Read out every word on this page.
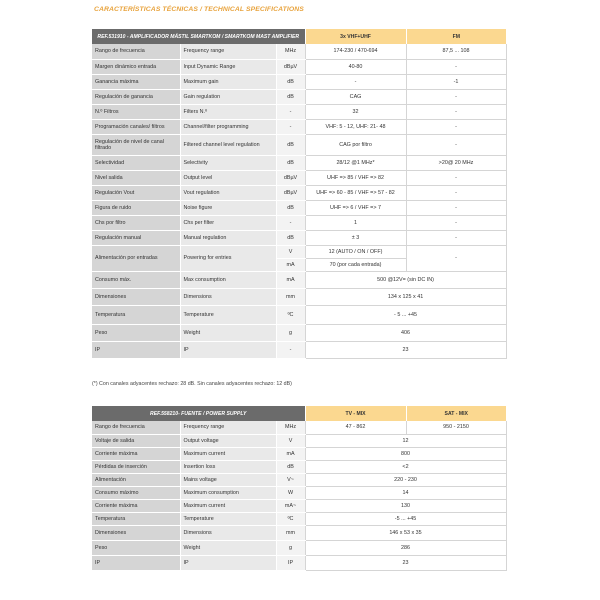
CARACTERÍSTICAS TÉCNICAS / TECHNICAL SPECIFICATIONS
REF.531910 - AMPLIFICADOR MÁSTIL SMARTKOM / SMARTKOM MAST AMPLIFIER			3x VHF+UHF	FM
Rango de frecuencia	Frequency range	MHz	174-230 / 470-694	87,5 ... 108
Margen dinámico entrada	Input Dynamic Range	dBµV	40-80	-
Ganancia máxima	Maximum gain	dB	-	-1
Regulación de ganancia	Gain regulation	dB	CAG	-
N.º Filtros	Filters N.º	-	32	-
Programación canales/ filtros	Channel/filter programming	-	VHF: 5 - 12, UHF: 21- 48	-
Regulación de nivel de canal filtrado	Filtered channel level regulation	dB	CAG por filtro	-
Selectividad	Selectivity	dB	28/12 @1 MHz*	>20@ 20 MHz
Nivel salida	Output level	dBµV	UHF => 85 / VHF => 82	-
Regulación Vout	Vout regulation	dBµV	UHF => 60 - 85 / VHF => 57 - 82	-
Figura de ruido	Noise figure	dB	UHF => 6 / VHF => 7	-
Chs por filtro	Chs per filter	-	1	-
Regulación manual	Manual regulation	dB	± 3	-
Alimentación por entradas	Powering for entries	V	12 (AUTO / ON / OFF)	-
		mA	70 (por cada entrada)	
Consumo máx.	Max consumption	mA	500 @12V= (sin DC IN)	
Dimensiones	Dimensions	mm	134 x 125 x 41	
Temperatura	Temperature	ºC	- 5 ... +45	
Peso	Weight	g	406	
IP	IP	-	23	
(*) Con canales adyacentes rechazo: 28 dB. Sin canales adyacentes rechazo: 12 dB)
REF.558210- FUENTE / POWER SUPPLY			TV - MIX	SAT - MIX
Rango de frecuencia	Frequency range	MHz	47 - 862	950 - 2150
Voltaje de salida	Output voltage	V	12	
Corriente máxima	Maximum current	mA	800	
Pérdidas de inserción	Insertion loss	dB	<2	
Alimentación	Mains voltage	V~	220 - 230	
Consumo máximo	Maximum consumption	W	14	
Corriente máxima	Maximum current	mA~	130	
Temperatura	Temperature	ºC	-5 ... +45	
Dimensiones	Dimensions	mm	146 x 53 x 35	
Peso	Weight	g	286	
IP	IP	IP	23	
